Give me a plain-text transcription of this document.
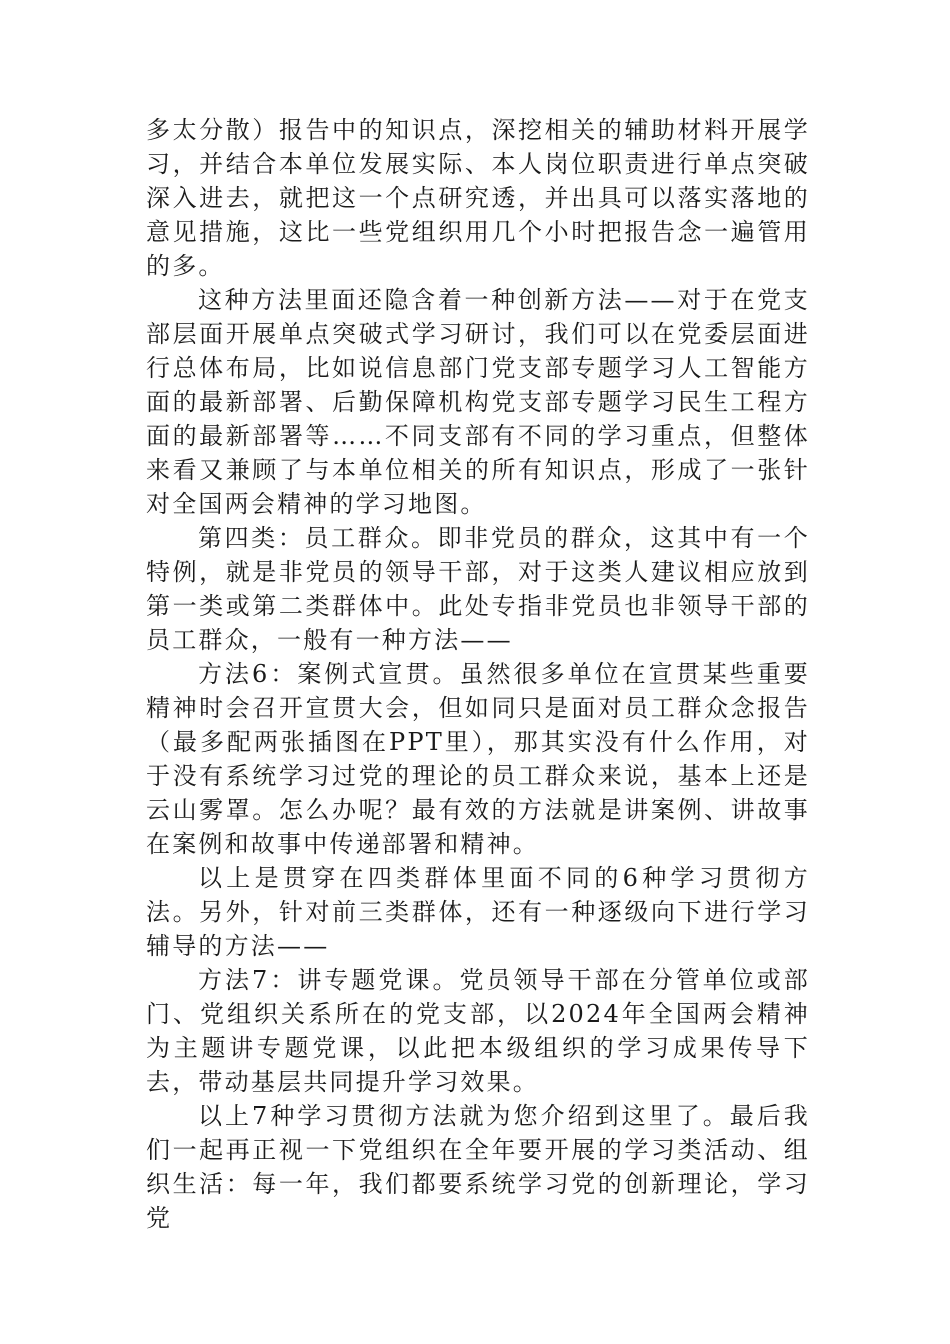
多太分散）报告中的知识点，深挖相关的辅助材料开展学习，并结合本单位发展实际、本人岗位职责进行单点突破深入进去，就把这一个点研究透，并出具可以落实落地的意见措施，这比一些党组织用几个小时把报告念一遍管用的多。

这种方法里面还隐含着一种创新方法——对于在党支部层面开展单点突破式学习研讨，我们可以在党委层面进行总体布局，比如说信息部门党支部专题学习人工智能方面的最新部署、后勤保障机构党支部专题学习民生工程方面的最新部署等……不同支部有不同的学习重点，但整体来看又兼顾了与本单位相关的所有知识点，形成了一张针对全国两会精神的学习地图。

第四类：员工群众。即非党员的群众，这其中有一个特例，就是非党员的领导干部，对于这类人建议相应放到第一类或第二类群体中。此处专指非党员也非领导干部的员工群众，一般有一种方法——

方法6：案例式宣贯。虽然很多单位在宣贯某些重要精神时会召开宣贯大会，但如同只是面对员工群众念报告（最多配两张插图在PPT里），那其实没有什么作用，对于没有系统学习过党的理论的员工群众来说，基本上还是云山雾罩。怎么办呢？最有效的方法就是讲案例、讲故事在案例和故事中传递部署和精神。

以上是贯穿在四类群体里面不同的6种学习贯彻方法。另外，针对前三类群体，还有一种逐级向下进行学习辅导的方法——

方法7：讲专题党课。党员领导干部在分管单位或部门、党组织关系所在的党支部，以2024年全国两会精神为主题讲专题党课，以此把本级组织的学习成果传导下去，带动基层共同提升学习效果。

以上7种学习贯彻方法就为您介绍到这里了。最后我们一起再正视一下党组织在全年要开展的学习类活动、组织生活：每一年，我们都要系统学习党的创新理论，学习党
